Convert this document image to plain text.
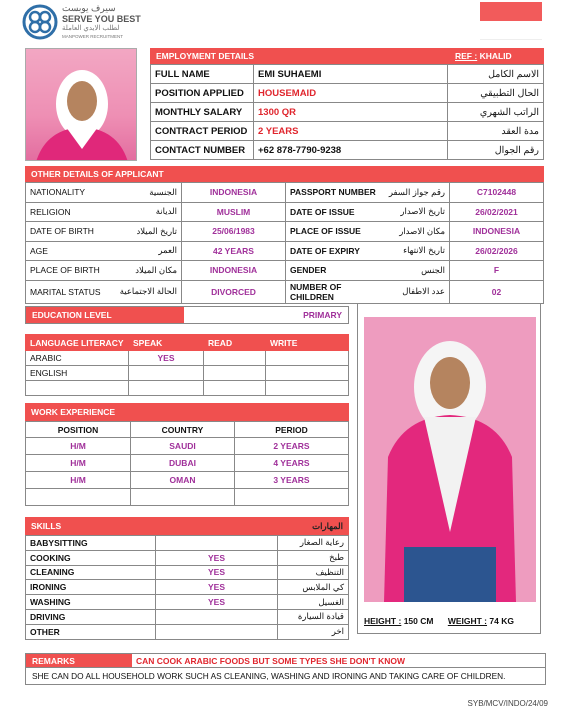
سيرف يوبست
SERVE YOU BEST
لطلب الايدي العاملة
MANPOWER RECRUITMENT
EMPLOYMENT DETAILS	REF : KHALID
FULL NAME	EMI SUHAEMI	الاسم الكامل
POSITION APPLIED	HOUSEMAID	الحال التطبيقي
MONTHLY SALARY	1300 QR	الراتب الشهري
CONTRACT PERIOD	2 YEARS	مدة العقد
CONTACT NUMBER	+62 878-7790-9238	رقم الجوال
OTHER DETAILS OF APPLICANT
NATIONALITY	الجنسية	INDONESIA	PASSPORT NUMBER	رقم جواز السفر	C7102448
RELIGION	الديانة	MUSLIM	DATE OF ISSUE	تاريخ الاصدار	26/02/2021
DATE OF BIRTH	تاريخ الميلاد	25/06/1983	PLACE OF ISSUE	مكان الاصدار	INDONESIA
AGE	العمر	42 YEARS	DATE OF EXPIRY	تاريخ الانتهاء	26/02/2026
PLACE OF BIRTH	مكان الميلاد	INDONESIA	GENDER	الجنس	F
MARITAL STATUS	الحالة الاجتماعية	DIVORCED	NUMBER OF CHILDREN	عدد الاطفال	02
EDUCATION LEVEL	PRIMARY
LANGUAGE LITERACY	SPEAK	READ	WRITE
ARABIC	YES		
ENGLISH			

WORK EXPERIENCE
POSITION	COUNTRY	PERIOD
H/M	SAUDI	2 YEARS
H/M	DUBAI	4 YEARS
H/M	OMAN	3 YEARS

SKILLS	المهارات
BABYSITTING		رعاية الصغار
COOKING	YES	طبخ
CLEANING	YES	التنظيف
IRONING	YES	كي الملابس
WASHING	YES	الغسيل
DRIVING		قيادة السيارة
OTHER		اخر
HEIGHT : 150 CM WEIGHT : 74 KG
REMARKS	CAN COOK ARABIC FOODS BUT SOME TYPES SHE DON'T KNOW
SHE CAN DO ALL HOUSEHOLD WORK SUCH AS CLEANING, WASHING AND IRONING AND TAKING CARE OF CHILDREN.
SYB/MCV/INDO/24/09
